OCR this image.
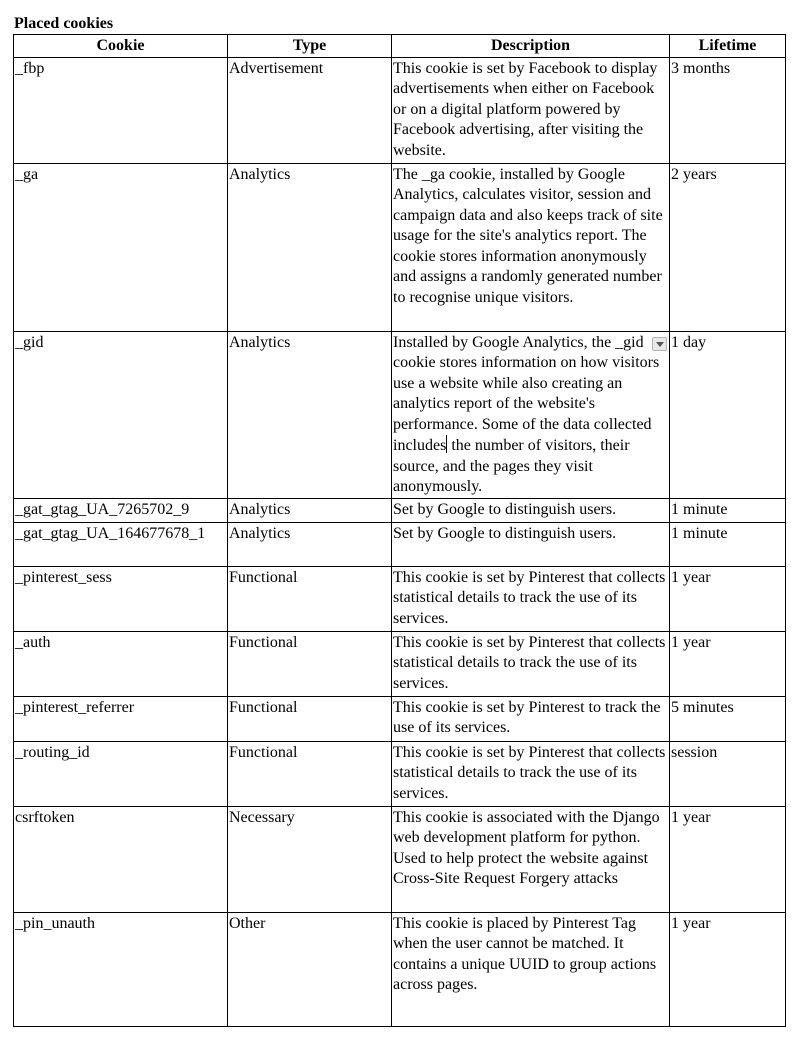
Placed cookies
Cookie	Type	Description	Lifetime
_fbp	Advertisement	This cookie is set by Facebook to display advertisements when either on Facebook or on a digital platform powered by Facebook advertising, after visiting the website.	3 months
_ga	Analytics	The _ga cookie, installed by Google Analytics, calculates visitor, session and campaign data and also keeps track of site usage for the site's analytics report. The cookie stores information anonymously and assigns a randomly generated number to recognise unique visitors.	2 years
_gid	Analytics	Installed by Google Analytics, the _gid cookie stores information on how visitors use a website while also creating an analytics report of the website's performance. Some of the data collected includes the number of visitors, their source, and the pages they visit anonymously.	1 day
_gat_gtag_UA_7265702_9	Analytics	Set by Google to distinguish users.	1 minute
_gat_gtag_UA_164677678_1	Analytics	Set by Google to distinguish users.	1 minute
_pinterest_sess	Functional	This cookie is set by Pinterest that collects statistical details to track the use of its services.	1 year
_auth	Functional	This cookie is set by Pinterest that collects statistical details to track the use of its services.	1 year
_pinterest_referrer	Functional	This cookie is set by Pinterest to track the use of its services.	5 minutes
_routing_id	Functional	This cookie is set by Pinterest that collects statistical details to track the use of its services.	session
csrftoken	Necessary	This cookie is associated with the Django web development platform for python. Used to help protect the website against Cross-Site Request Forgery attacks	1 year
_pin_unauth	Other	This cookie is placed by Pinterest Tag when the user cannot be matched. It contains a unique UUID to group actions across pages.	1 year
